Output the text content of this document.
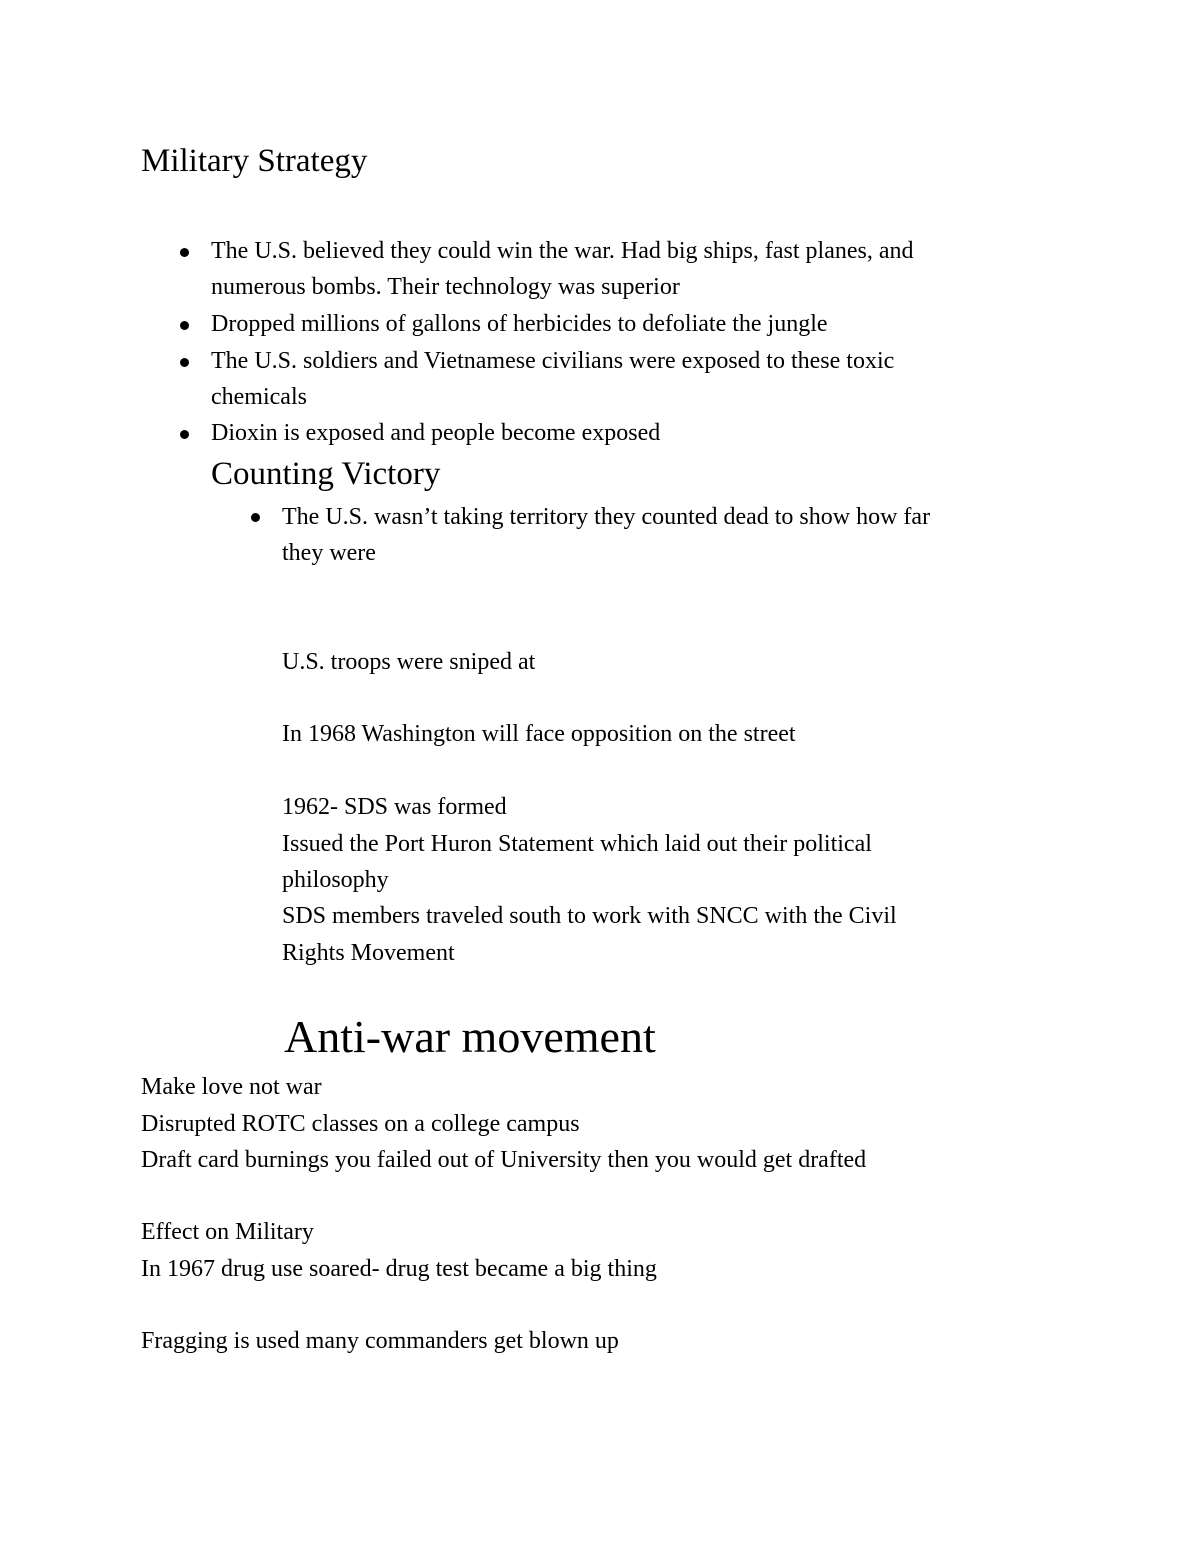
Military Strategy

The U.S. believed they could win the war. Had big ships, fast planes, and

numerous bombs. Their technology was superior

Dropped millions of gallons of herbicides to defoliate the jungle

The U.S. soldiers and Vietnamese civilians were exposed to these toxic

chemicals

Dioxin is exposed and people become exposed

Counting Victory

The U.S. wasn’t taking territory they counted dead to show how far

they were

U.S. troops were sniped at

In 1968 Washington will face opposition on the street

1962- SDS was formed

Issued the Port Huron Statement which laid out their political

philosophy

SDS members traveled south to work with SNCC with the Civil

Rights Movement

Anti-war movement

Make love not war

Disrupted ROTC classes on a college campus

Draft card burnings you failed out of University then you would get drafted

Effect on Military

In 1967 drug use soared- drug test became a big thing

Fragging is used many commanders get blown up
